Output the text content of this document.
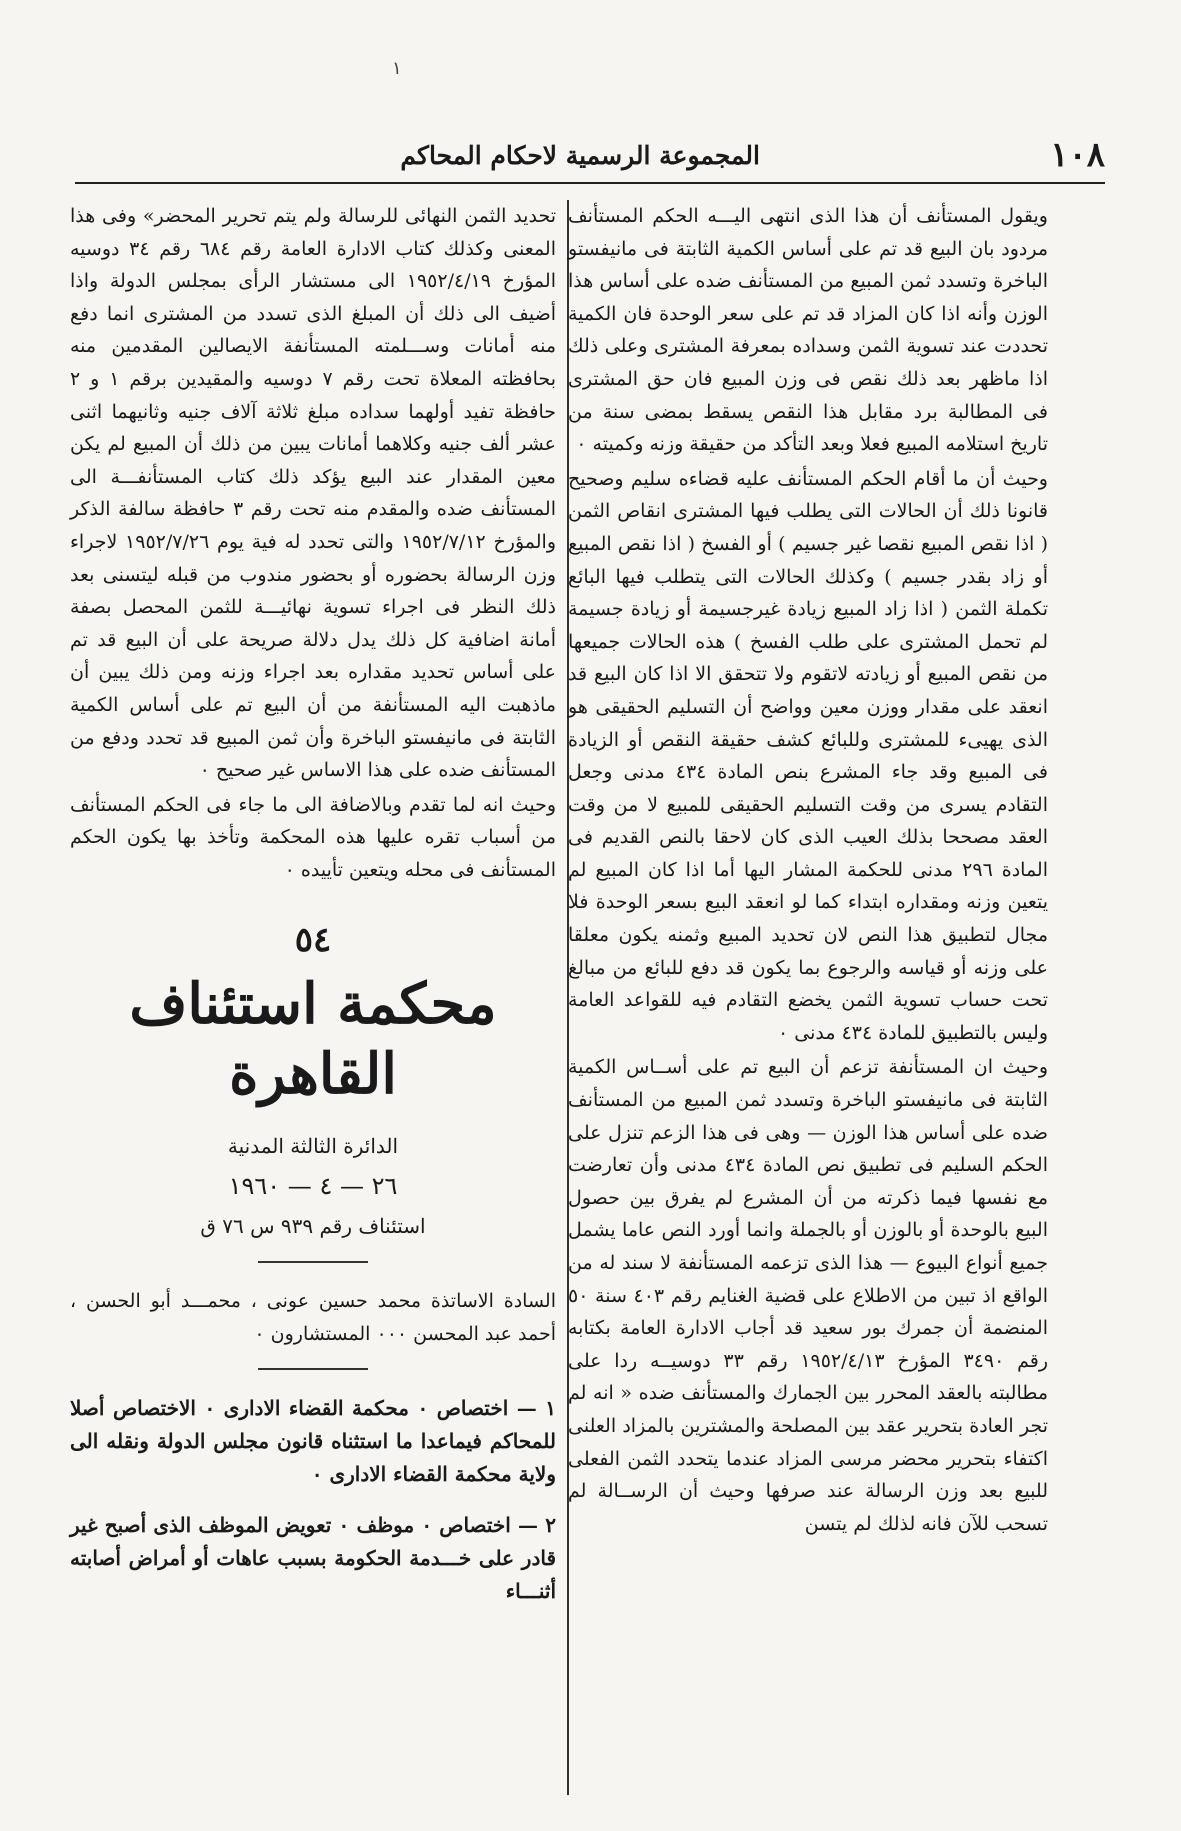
١
١٠٨
المجموعة الرسمية لاحكام المحاكم

ويقول المستأنف أن هذا الذى انتهى اليـــه الحكم المستأنف مردود بان البيع قد تم على أساس الكمية الثابتة فى مانيفستو الباخرة وتسدد ثمن المبيع من المستأنف ضده على أساس هذا الوزن وأنه اذا كان المزاد قد تم على سعر الوحدة فان الكمية تحددت عند تسوية الثمن وسداده بمعرفة المشترى وعلى ذلك اذا ماظهر بعد ذلك نقص فى وزن المبيع فان حق المشترى فى المطالبة برد مقابل هذا النقص يسقط بمضى سنة من تاريخ استلامه المبيع فعلا وبعد التأكد من حقيقة وزنه وكميته ٠

وحيث أن ما أقام الحكم المستأنف عليه قضاءه سليم وصحيح قانونا ذلك أن الحالات التى يطلب فيها المشترى انقاص الثمن ( اذا نقص المبيع نقصا غير جسيم ) أو الفسخ ( اذا نقص المبيع أو زاد بقدر جسيم ) وكذلك الحالات التى يتطلب فيها البائع تكملة الثمن ( اذا زاد المبيع زيادة غيرجسيمة أو زيادة جسيمة لم تحمل المشترى على طلب الفسخ ) هذه الحالات جميعها من نقص المبيع أو زيادته لاتقوم ولا تتحقق الا اذا كان البيع قد انعقد على مقدار ووزن معين وواضح أن التسليم الحقيقى هو الذى يهيىء للمشترى وللبائع كشف حقيقة النقص أو الزيادة فى المبيع وقد جاء المشرع بنص المادة ٤٣٤ مدنى وجعل التقادم يسرى من وقت التسليم الحقيقى للمبيع لا من وقت العقد مصححا بذلك العيب الذى كان لاحقا بالنص القديم فى المادة ٢٩٦ مدنى للحكمة المشار اليها أما اذا كان المبيع لم يتعين وزنه ومقداره ابتداء كما لو انعقد البيع بسعر الوحدة فلا مجال لتطبيق هذا النص لان تحديد المبيع وثمنه يكون معلقا على وزنه أو قياسه والرجوع بما يكون قد دفع للبائع من مبالغ تحت حساب تسوية الثمن يخضع التقادم فيه للقواعد العامة وليس بالتطبيق للمادة ٤٣٤ مدنى ٠

وحيث ان المستأنفة تزعم أن البيع تم على أســاس الكمية الثابتة فى مانيفستو الباخرة وتسدد ثمن المبيع من المستأنف ضده على أساس هذا الوزن — وهى فى هذا الزعم تنزل على الحكم السليم فى تطبيق نص المادة ٤٣٤ مدنى وأن تعارضت مع نفسها فيما ذكرته من أن المشرع لم يفرق بين حصول البيع بالوحدة أو بالوزن أو بالجملة وانما أورد النص عاما يشمل جميع أنواع البيوع — هذا الذى تزعمه المستأنفة لا سند له من الواقع اذ تبين من الاطلاع على قضية الغنايم رقم ٤٠٣ سنة ٥٠ المنضمة أن جمرك بور سعيد قد أجاب الادارة العامة بكتابه رقم ٣٤٩٠ المؤرخ ١٩٥٢/٤/١٣ رقم ٣٣ دوسيــه ردا على مطالبته بالعقد المحرر بين الجمارك والمستأنف ضده « انه لم تجر العادة بتحرير عقد بين المصلحة والمشترين بالمزاد العلنى اكتفاء بتحرير محضر مرسى المزاد عندما يتحدد الثمن الفعلى للبيع بعد وزن الرسالة عند صرفها وحيث أن الرســالة لم تسحب للآن فانه لذلك لم يتسن

تحديد الثمن النهائى للرسالة ولم يتم تحرير المحضر» وفى هذا المعنى وكذلك كتاب الادارة العامة رقم ٦٨٤ رقم ٣٤ دوسيه المؤرخ ١٩٥٢/٤/١٩ الى مستشار الرأى بمجلس الدولة واذا أضيف الى ذلك أن المبلغ الذى تسدد من المشترى انما دفع منه أمانات وســـلمته المستأنفة الايصالين المقدمين منه بحافظته المعلاة تحت رقم ٧ دوسيه والمقيدين برقم ١ و ٢ حافظة تفيد أولهما سداده مبلغ ثلاثة آلاف جنيه وثانيهما اثنى عشر ألف جنيه وكلاهما أمانات يبين من ذلك أن المبيع لم يكن معين المقدار عند البيع يؤكد ذلك كتاب المستأنفـــة الى المستأنف ضده والمقدم منه تحت رقم ٣ حافظة سالفة الذكر والمؤرخ ١٩٥٢/٧/١٢ والتى تحدد له فية يوم ١٩٥٢/٧/٢٦ لاجراء وزن الرسالة بحضوره أو بحضور مندوب من قبله ليتسنى بعد ذلك النظر فى اجراء تسوية نهائيـــة للثمن المحصل بصفة أمانة اضافية كل ذلك يدل دلالة صريحة على أن البيع قد تم على أساس تحديد مقداره بعد اجراء وزنه ومن ذلك يبين أن ماذهبت اليه المستأنفة من أن البيع تم على أساس الكمية الثابتة فى مانيفستو الباخرة وأن ثمن المبيع قد تحدد ودفع من المستأنف ضده على هذا الاساس غير صحيح ٠

وحيث انه لما تقدم وبالاضافة الى ما جاء فى الحكم المستأنف من أسباب تقره عليها هذه المحكمة وتأخذ بها يكون الحكم المستأنف فى محله ويتعين تأييده ٠

٥٤
محكمة استئناف القاهرة
الدائرة الثالثة المدنية
٢٦ — ٤ — ١٩٦٠
استئناف رقم ٩٣٩ س ٧٦ ق

السادة الاساتذة محمد حسين عونى ، محمـــد أبو الحسن ، أحمد عبد المحسن ٠٠٠ المستشارون ٠

١ — اختصاص ٠ محكمة القضاء الادارى ٠ الاختصاص أصلا للمحاكم فيماعدا ما استثناه قانون مجلس الدولة ونقله الى ولاية محكمة القضاء الادارى ٠

٢ — اختصاص ٠ موظف ٠ تعويض الموظف الذى أصبح غير قادر على خـــدمة الحكومة بسبب عاهات أو أمراض أصابته أثنـــاء
